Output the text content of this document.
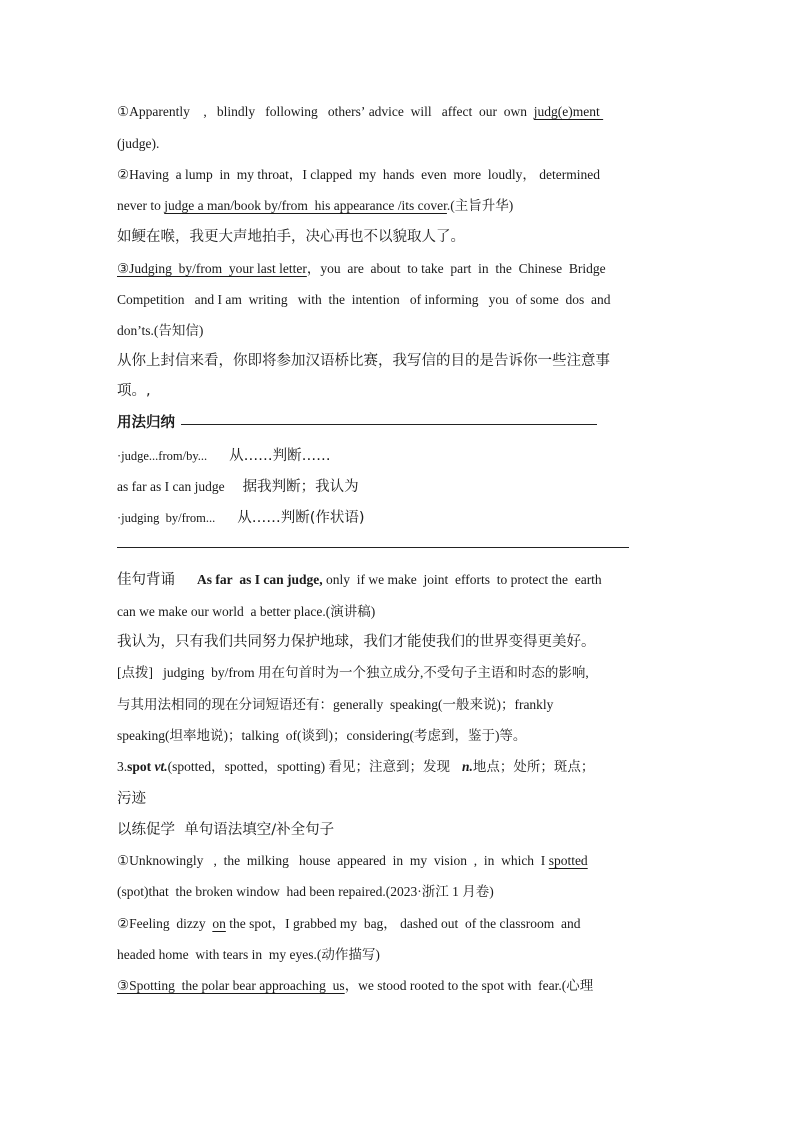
①Apparently    ,   blindly   following   others’ advice  will   affect  our  own  judg(e)ment
(judge).
②Having  a lump  in  my throat，I clapped  my  hands  even  more  loudly， determined
never to judge a man/book by/from  his appearance /its cover.(主旨升华)
如鲠在喉，我更大声地拍手，决心再也不以貌取人了。
③Judging  by/from  your last letter，you  are  about  to take  part  in  the  Chinese  Bridge
Competition   and I am  writing   with  the  intention   of informing   you  of some  dos  and
don’ts.(告知信)
从你上封信来看，你即将参加汉语桥比赛，我写信的目的是告诉你一些注意事
项。,
用法归纳
·judge...from/by... 从……判断……
as far as I can judge 据我判断；我认为
·judging  by/from... 从……判断(作状语)
佳句背诵 As far  as I can judge, only  if we make  joint  efforts  to protect the  earth
can we make our world  a better place.(演讲稿)
我认为，只有我们共同努力保护地球，我们才能使我们的世界变得更美好。
[点拨]   judging  by/from 用在句首时为一个独立成分,不受句子主语和时态的影响,
与其用法相同的现在分词短语还有：generally  speaking(一般来说)；frankly
speaking(坦率地说)；talking  of(谈到)；considering(考虑到，鉴于)等。
3.spot vt.(spotted，spotted，spotting) 看见；注意到；发现 n.地点；处所；斑点；
污迹
以练促学  单句语法填空/补全句子
①Unknowingly   ,  the  milking   house  appeared  in  my  vision  ,  in  which  I spotted
(spot)that  the broken window  had been repaired.(2023·浙江 1 月卷)
②Feeling  dizzy  on the spot，I grabbed my  bag， dashed out  of the classroom  and
headed home  with tears in  my eyes.(动作描写)
③Spotting  the polar bear approaching  us，we stood rooted to the spot with  fear.(心理
